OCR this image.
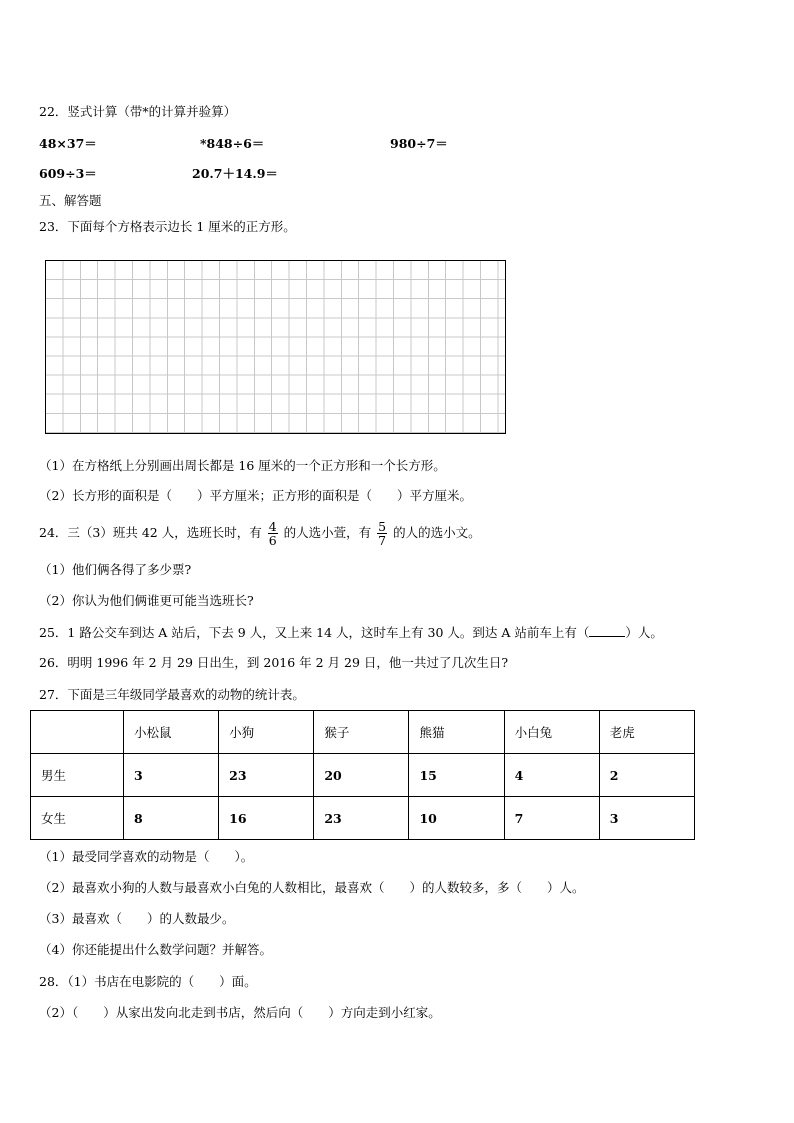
22．竖式计算（带*的计算并验算）
48×37＝	*848÷6＝	980÷7＝
609÷3＝	20.7＋14.9＝
五、解答题
23．下面每个方格表示边长 1 厘米的正方形。
（1）在方格纸上分别画出周长都是 16 厘米的一个正方形和一个长方形。
（2）长方形的面积是（　　）平方厘米；正方形的面积是（　　）平方厘米。
24．三（3）班共 42 人，选班长时，有 $\frac{4}{6}$ 的人选小萱，有 $\frac{5}{7}$ 的人的选小文。
（1）他们俩各得了多少票?
（2）你认为他们俩谁更可能当选班长?
25．1 路公交车到达 A 站后，下去 9 人，又上来 14 人，这时车上有 30 人。到达 A 站前车上有（	）人。
26．明明 1996 年 2 月 29 日出生，到 2016 年 2 月 29 日，他一共过了几次生日?
27．下面是三年级同学最喜欢的动物的统计表。
	小松鼠	小狗	猴子	熊猫	小白兔	老虎
男生	3	23	20	15	4	2
女生	8	16	23	10	7	3
（1）最受同学喜欢的动物是（　　）。
（2）最喜欢小狗的人数与最喜欢小白兔的人数相比，最喜欢（　　）的人数较多，多（　　）人。
（3）最喜欢（　　）的人数最少。
（4）你还能提出什么数学问题？并解答。
28．（1）书店在电影院的（　　）面。
（2）（　　）从家出发向北走到书店，然后向（　　）方向走到小红家。
